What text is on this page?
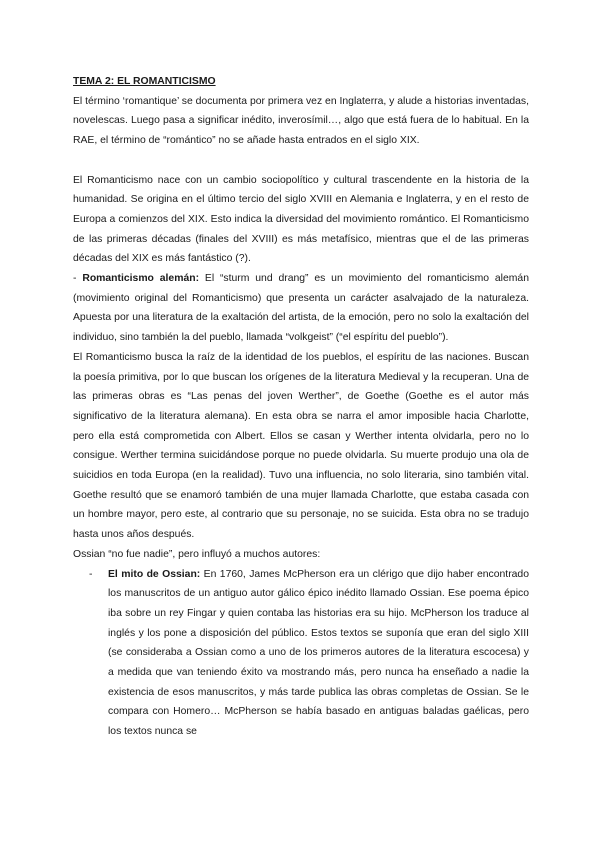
TEMA 2: EL ROMANTICISMO

El término ‘romantique’ se documenta por primera vez en Inglaterra, y alude a historias inventadas, novelescas. Luego pasa a significar inédito, inverosímil…, algo que está fuera de lo habitual. En la RAE, el término de “romántico” no se añade hasta entrados en el siglo XIX.

El Romanticismo nace con un cambio sociopolítico y cultural trascendente en la historia de la humanidad. Se origina en el último tercio del siglo XVIII en Alemania e Inglaterra, y en el resto de Europa a comienzos del XIX. Esto indica la diversidad del movimiento romántico. El Romanticismo de las primeras décadas (finales del XVIII) es más metafísico, mientras que el de las primeras décadas del XIX es más fantástico (?).

- Romanticismo alemán: El “sturm und drang” es un movimiento del romanticismo alemán (movimiento original del Romanticismo) que presenta un carácter asalvajado de la naturaleza. Apuesta por una literatura de la exaltación del artista, de la emoción, pero no solo la exaltación del individuo, sino también la del pueblo, llamada “volkgeist” (“el espíritu del pueblo”).

El Romanticismo busca la raíz de la identidad de los pueblos, el espíritu de las naciones. Buscan la poesía primitiva, por lo que buscan los orígenes de la literatura Medieval y la recuperan. Una de las primeras obras es “Las penas del joven Werther”, de Goethe (Goethe es el autor más significativo de la literatura alemana). En esta obra se narra el amor imposible hacia Charlotte, pero ella está comprometida con Albert. Ellos se casan y Werther intenta olvidarla, pero no lo consigue. Werther termina suicidándose porque no puede olvidarla. Su muerte produjo una ola de suicidios en toda Europa (en la realidad). Tuvo una influencia, no solo literaria, sino también vital. Goethe resultó que se enamoró también de una mujer llamada Charlotte, que estaba casada con un hombre mayor, pero este, al contrario que su personaje, no se suicida. Esta obra no se tradujo hasta unos años después.

Ossian “no fue nadie”, pero influyó a muchos autores:

- El mito de Ossian: En 1760, James McPherson era un clérigo que dijo haber encontrado los manuscritos de un antiguo autor gálico épico inédito llamado Ossian. Ese poema épico iba sobre un rey Fingar y quien contaba las historias era su hijo. McPherson los traduce al inglés y los pone a disposición del público. Estos textos se suponía que eran del siglo XIII (se consideraba a Ossian como a uno de los primeros autores de la literatura escocesa) y a medida que van teniendo éxito va mostrando más, pero nunca ha enseñado a nadie la existencia de esos manuscritos, y más tarde publica las obras completas de Ossian. Se le compara con Homero… McPherson se había basado en antiguas baladas gaélicas, pero los textos nunca se
